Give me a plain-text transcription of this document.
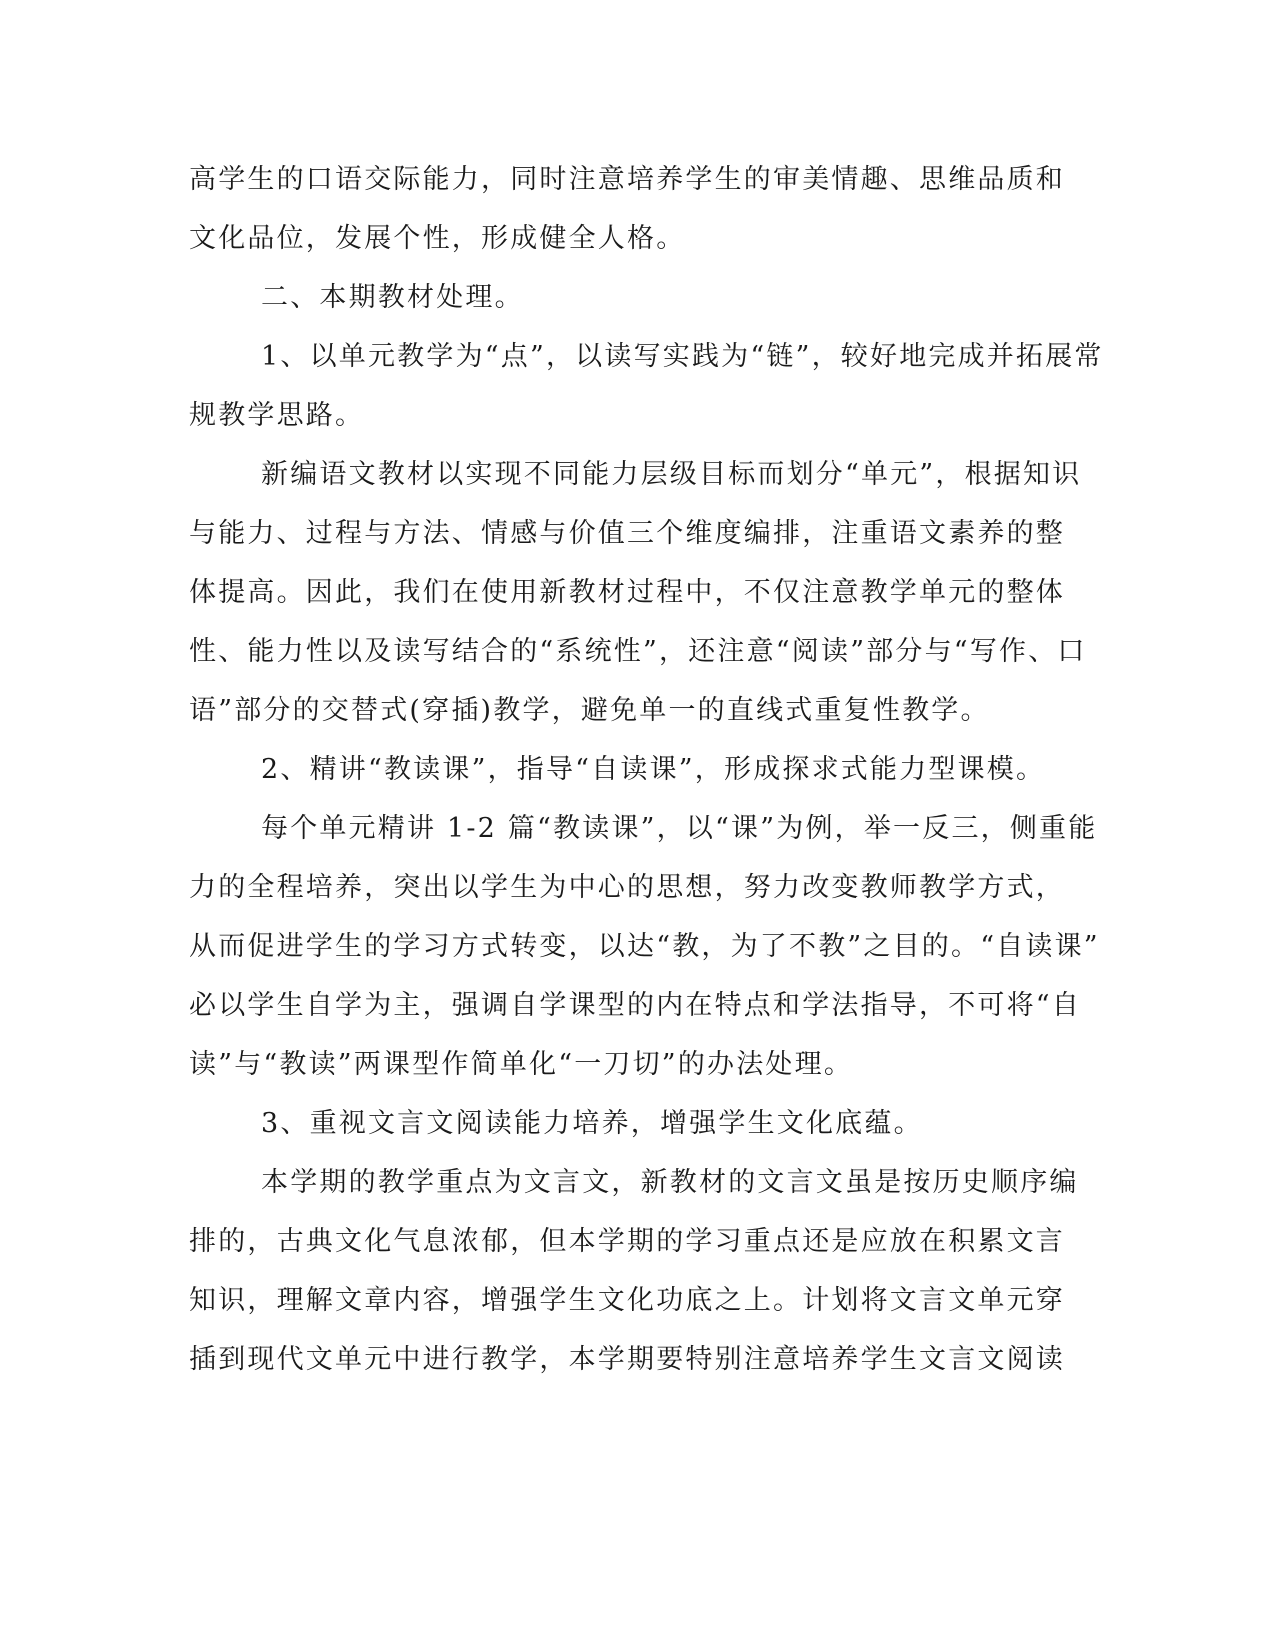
高学生的口语交际能力，同时注意培养学生的审美情趣、思维品质和
文化品位，发展个性，形成健全人格。
二、本期教材处理。
1、以单元教学为“点”，以读写实践为“链”，较好地完成并拓展常
规教学思路。
新编语文教材以实现不同能力层级目标而划分“单元”，根据知识
与能力、过程与方法、情感与价值三个维度编排，注重语文素养的整
体提高。因此，我们在使用新教材过程中，不仅注意教学单元的整体
性、能力性以及读写结合的“系统性”，还注意“阅读”部分与“写作、口
语”部分的交替式(穿插)教学，避免单一的直线式重复性教学。
2、精讲“教读课”，指导“自读课”，形成探求式能力型课模。
每个单元精讲 1-2 篇“教读课”，以“课”为例，举一反三，侧重能
力的全程培养，突出以学生为中心的思想，努力改变教师教学方式，
从而促进学生的学习方式转变，以达“教，为了不教”之目的。“自读课”
必以学生自学为主，强调自学课型的内在特点和学法指导，不可将“自
读”与“教读”两课型作简单化“一刀切”的办法处理。
3、重视文言文阅读能力培养，增强学生文化底蕴。
本学期的教学重点为文言文，新教材的文言文虽是按历史顺序编
排的，古典文化气息浓郁，但本学期的学习重点还是应放在积累文言
知识，理解文章内容，增强学生文化功底之上。计划将文言文单元穿
插到现代文单元中进行教学，本学期要特别注意培养学生文言文阅读
